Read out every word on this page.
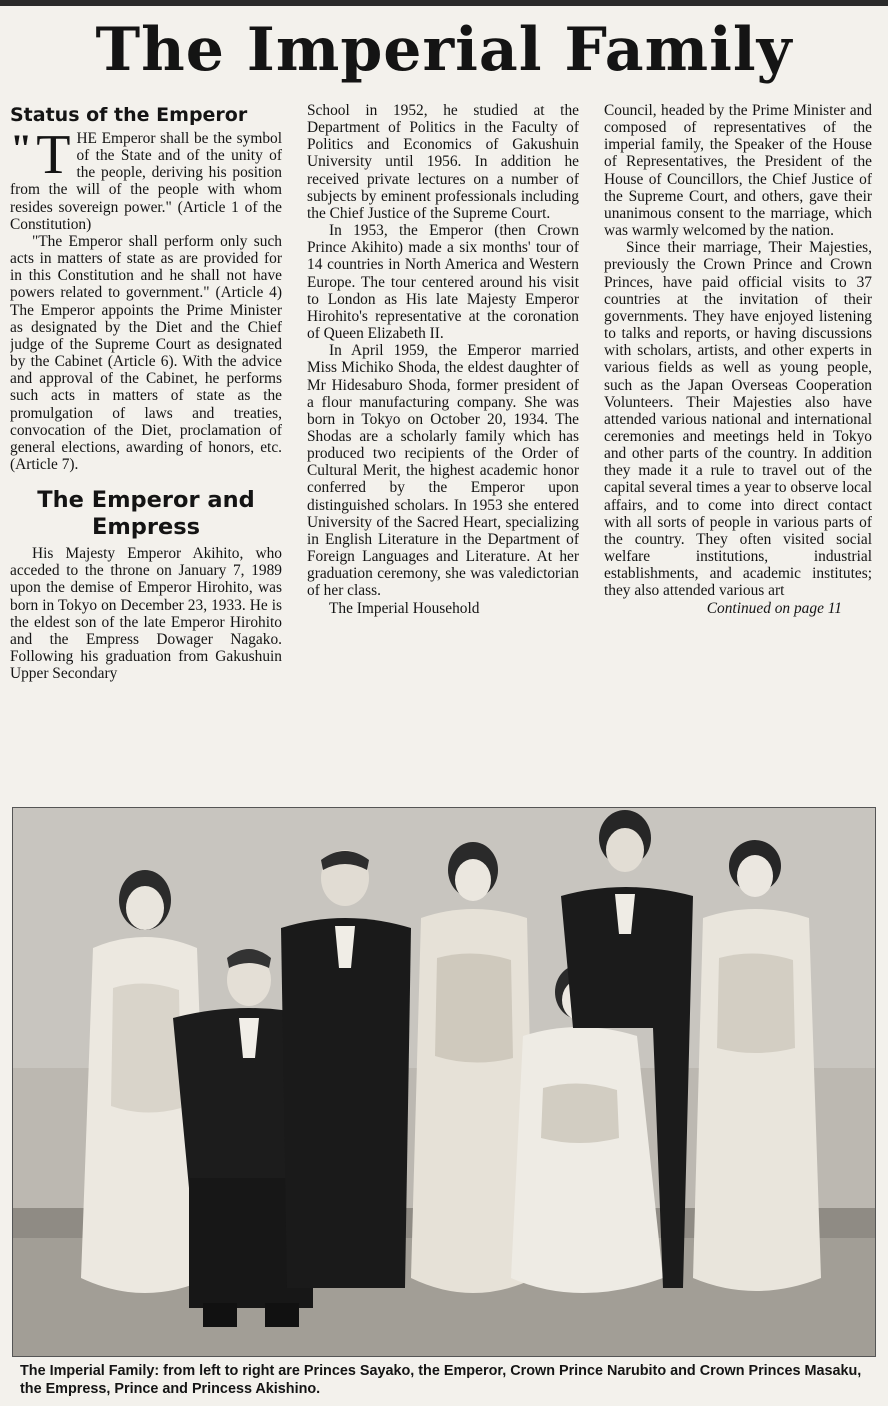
The Imperial Family
Status of the Emperor

" T HE Emperor shall be the symbol of the State and of the unity of the people, deriving his position from the will of the people with whom resides sovereign power." (Article 1 of the Constitution)

"The Emperor shall perform only such acts in matters of state as are provided for in this Constitution and he shall not have powers related to government." (Article 4) The Emperor appoints the Prime Minister as designated by the Diet and the Chief judge of the Supreme Court as designated by the Cabinet (Article 6). With the advice and approval of the Cabinet, he performs such acts in matters of state as the promulgation of laws and treaties, convocation of the Diet, proclamation of general elections, awarding of honors, etc. (Article 7).

The Emperor and Empress

His Majesty Emperor Akihito, who acceded to the throne on January 7, 1989 upon the demise of Emperor Hirohito, was born in Tokyo on December 23, 1933. He is the eldest son of the late Emperor Hirohito and the Empress Dowager Nagako. Following his graduation from Gakushuin Upper Secondary

School in 1952, he studied at the Department of Politics in the Faculty of Politics and Economics of Gakushuin University until 1956. In addition he received private lectures on a number of subjects by eminent professionals including the Chief Justice of the Supreme Court.

In 1953, the Emperor (then Crown Prince Akihito) made a six months' tour of 14 countries in North America and Western Europe. The tour centered around his visit to London as His late Majesty Emperor Hirohito's representative at the coronation of Queen Elizabeth II.

In April 1959, the Emperor married Miss Michiko Shoda, the eldest daughter of Mr Hidesaburo Shoda, former president of a flour manufacturing company. She was born in Tokyo on October 20, 1934. The Shodas are a scholarly family which has produced two recipients of the Order of Cultural Merit, the highest academic honor conferred by the Emperor upon distinguished scholars. In 1953 she entered University of the Sacred Heart, specializing in English Literature in the Department of Foreign Languages and Literature. At her graduation ceremony, she was valedictorian of her class.

The Imperial Household

Council, headed by the Prime Minister and composed of representatives of the imperial family, the Speaker of the House of Representatives, the President of the House of Councillors, the Chief Justice of the Supreme Court, and others, gave their unanimous consent to the marriage, which was warmly welcomed by the nation.

Since their marriage, Their Majesties, previously the Crown Prince and Crown Princes, have paid official visits to 37 countries at the invitation of their governments. They have enjoyed listening to talks and reports, or having discussions with scholars, artists, and other experts in various fields as well as young people, such as the Japan Overseas Cooperation Volunteers. Their Majesties also have attended various national and international ceremonies and meetings held in Tokyo and other parts of the country. In addition they made it a rule to travel out of the capital several times a year to observe local affairs, and to come into direct contact with all sorts of people in various parts of the country. They often visited social welfare institutions, industrial establishments, and academic institutes; they also attended various art

Continued on page 11

The Imperial Family: from left to right are Princes Sayako, the Emperor, Crown Prince Narubito and Crown Princes Masaku, the Empress, Prince and Princess Akishino.
